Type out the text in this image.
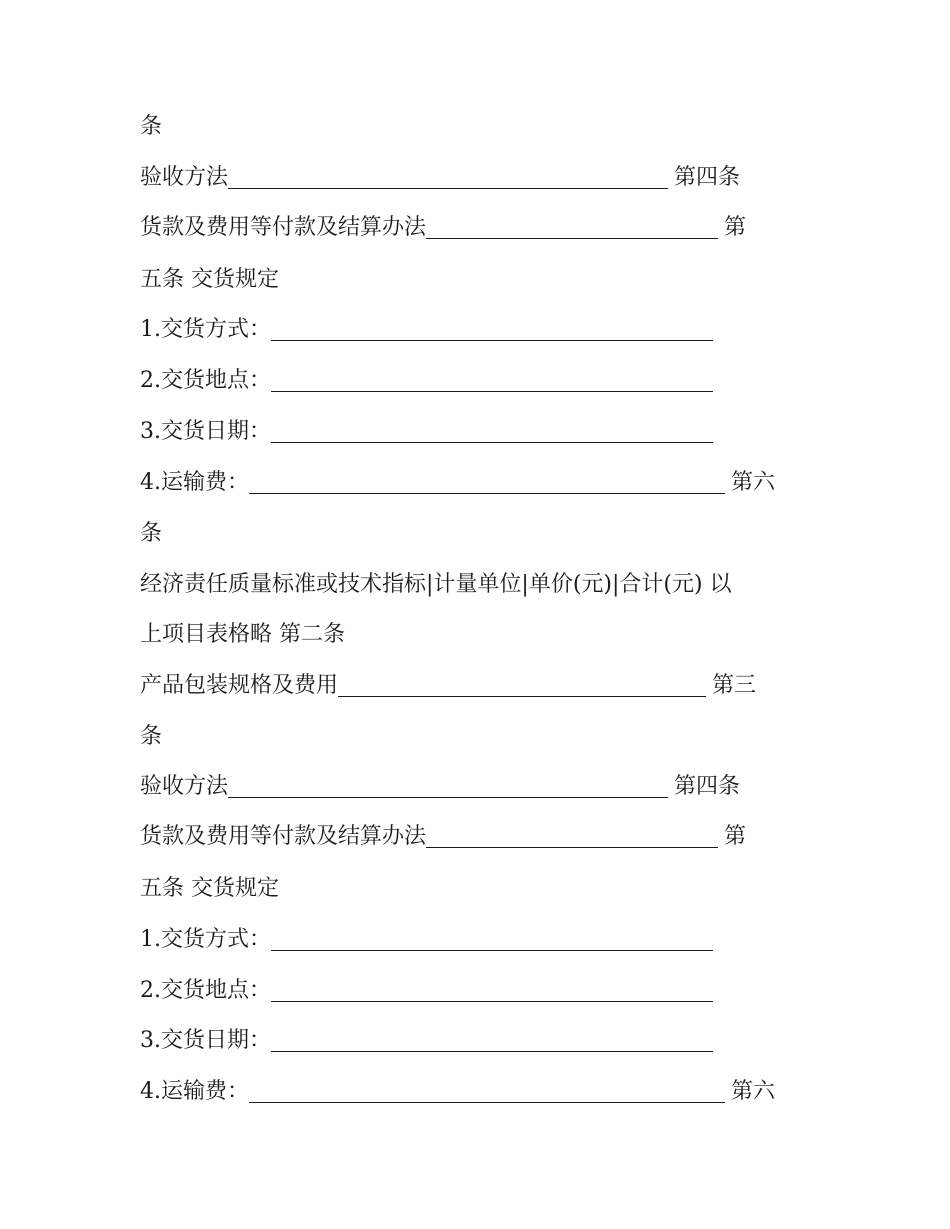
条
验收方法	第四条
货款及费用等付款及结算办法	第
五条 交货规定
1.交货方式：
2.交货地点：
3.交货日期：
4.运输费：	第六
条
经济责任质量标准或技术指标|计量单位|单价(元)|合计(元) 以
上项目表格略 第二条
产品包装规格及费用	第三
条
验收方法	第四条
货款及费用等付款及结算办法	第
五条 交货规定
1.交货方式：
2.交货地点：
3.交货日期：
4.运输费：	第六
